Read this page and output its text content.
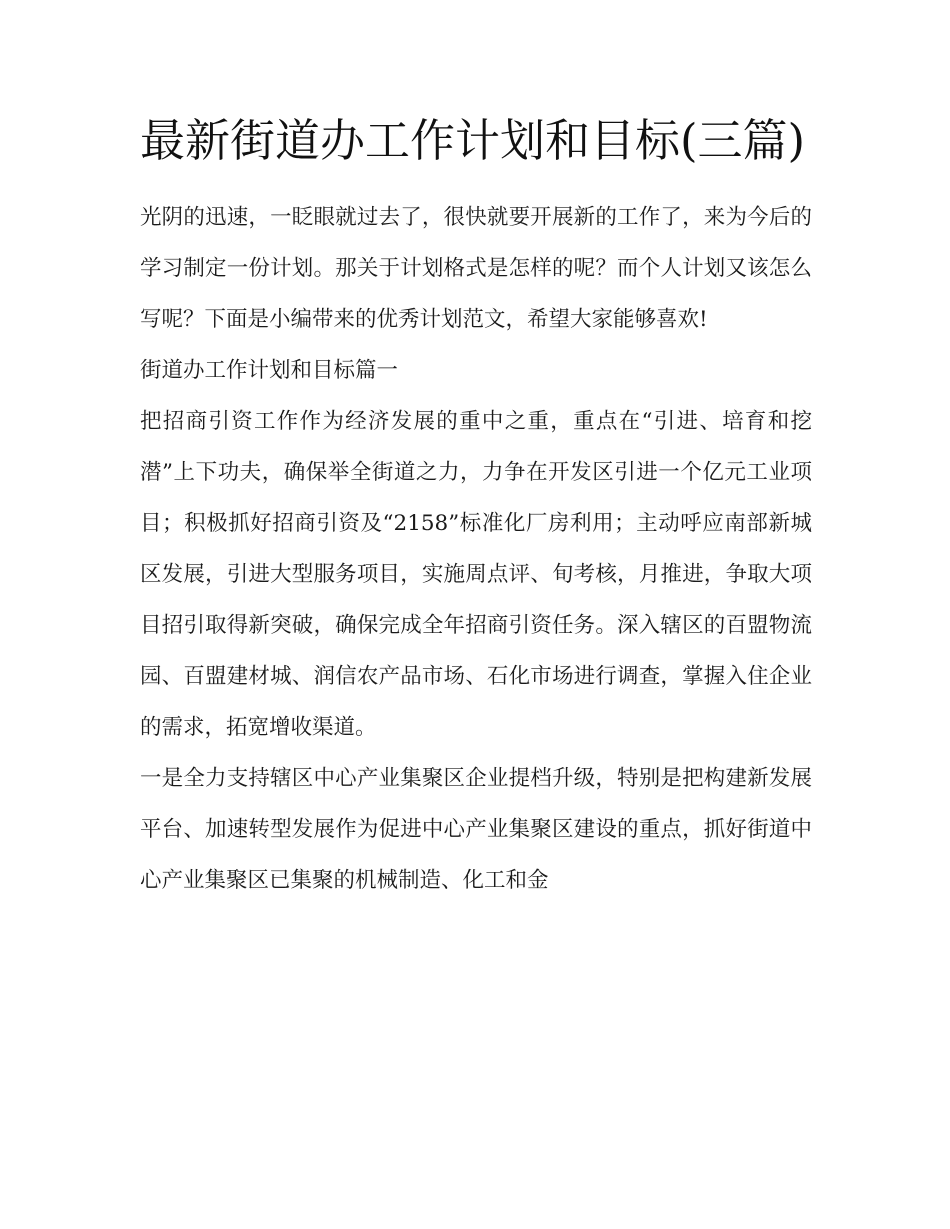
最新街道办工作计划和目标(三篇)

光阴的迅速，一眨眼就过去了，很快就要开展新的工作了，来为今后的学习制定一份计划。那关于计划格式是怎样的呢？而个人计划又该怎么写呢？下面是小编带来的优秀计划范文，希望大家能够喜欢!

街道办工作计划和目标篇一

把招商引资工作作为经济发展的重中之重，重点在“引进、培育和挖潜”上下功夫，确保举全街道之力，力争在开发区引进一个亿元工业项目；积极抓好招商引资及“2158”标准化厂房利用；主动呼应南部新城区发展，引进大型服务项目，实施周点评、旬考核，月推进，争取大项目招引取得新突破，确保完成全年招商引资任务。深入辖区的百盟物流园、百盟建材城、润信农产品市场、石化市场进行调查，掌握入住企业的需求，拓宽增收渠道。

一是全力支持辖区中心产业集聚区企业提档升级，特别是把构建新发展平台、加速转型发展作为促进中心产业集聚区建设的重点，抓好街道中心产业集聚区已集聚的机械制造、化工和金
